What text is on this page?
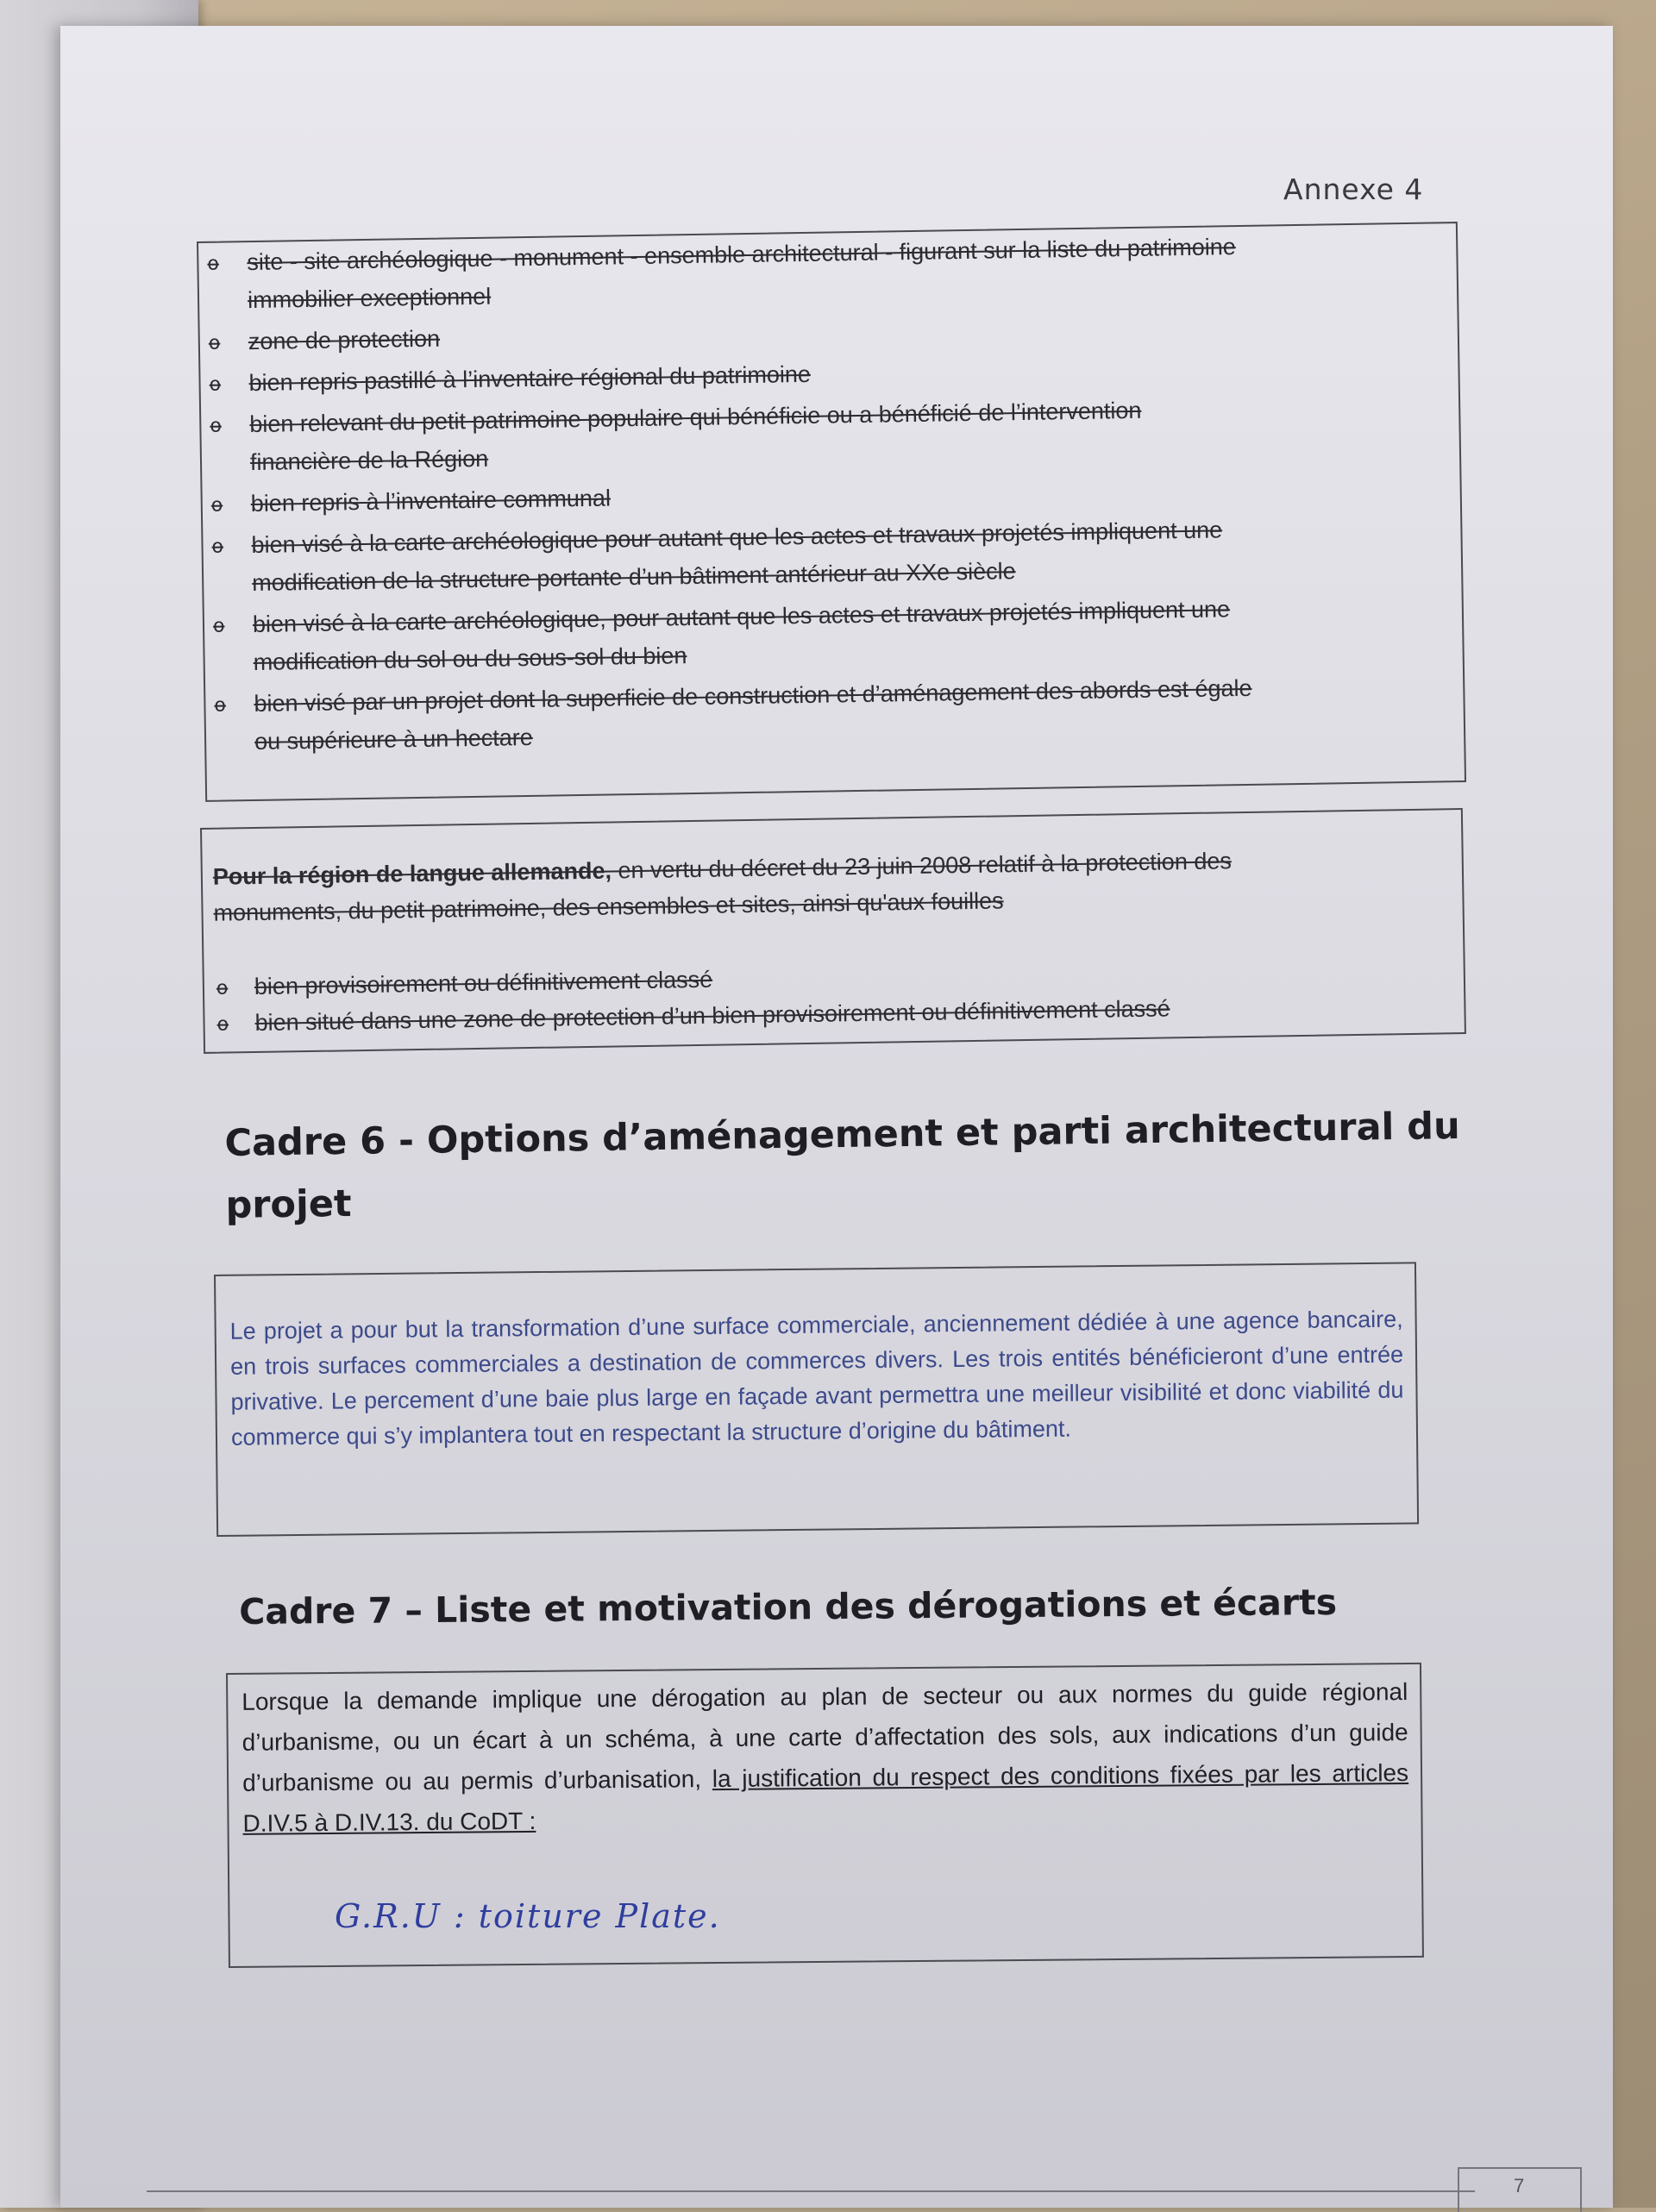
Annexe 4
o site - site archéologique - monument - ensemble architectural - figurant sur la liste du patrimoine
immobilier exceptionnel
o zone de protection
o bien repris pastillé à l’inventaire régional du patrimoine
o bien relevant du petit patrimoine populaire qui bénéficie ou a bénéficié de l’intervention
financière de la Région
o bien repris à l’inventaire communal
o bien visé à la carte archéologique pour autant que les actes et travaux projetés impliquent une
modification de la structure portante d’un bâtiment antérieur au XXe siècle
o bien visé à la carte archéologique, pour autant que les actes et travaux projetés impliquent une
modification du sol ou du sous-sol du bien
o bien visé par un projet dont la superficie de construction et d’aménagement des abords est égale
ou supérieure à un hectare
Pour la région de langue allemande, en vertu du décret du 23 juin 2008 relatif à la protection des
monuments, du petit patrimoine, des ensembles et sites, ainsi qu'aux fouilles
o bien provisoirement ou définitivement classé
o bien situé dans une zone de protection d’un bien provisoirement ou définitivement classé
Cadre 6 - Options d’aménagement et parti architectural du
projet
Le projet a pour but la transformation d’une surface commerciale, anciennement dédiée à une agence bancaire, en trois surfaces commerciales a destination de commerces divers. Les trois entités bénéficieront d’une entrée privative. Le percement d’une baie plus large en façade avant permettra une meilleur visibilité et donc viabilité du commerce qui s’y implantera tout en respectant la structure d’origine du bâtiment.
Cadre 7 – Liste et motivation des dérogations et écarts
Lorsque la demande implique une dérogation au plan de secteur ou aux normes du guide régional d’urbanisme, ou un écart à un schéma, à une carte d’affectation des sols, aux indications d’un guide d’urbanisme ou au permis d’urbanisation, la justification du respect des conditions fixées par les articles D.IV.5 à D.IV.13. du CoDT :
G.R.U : toiture Plate.
7
